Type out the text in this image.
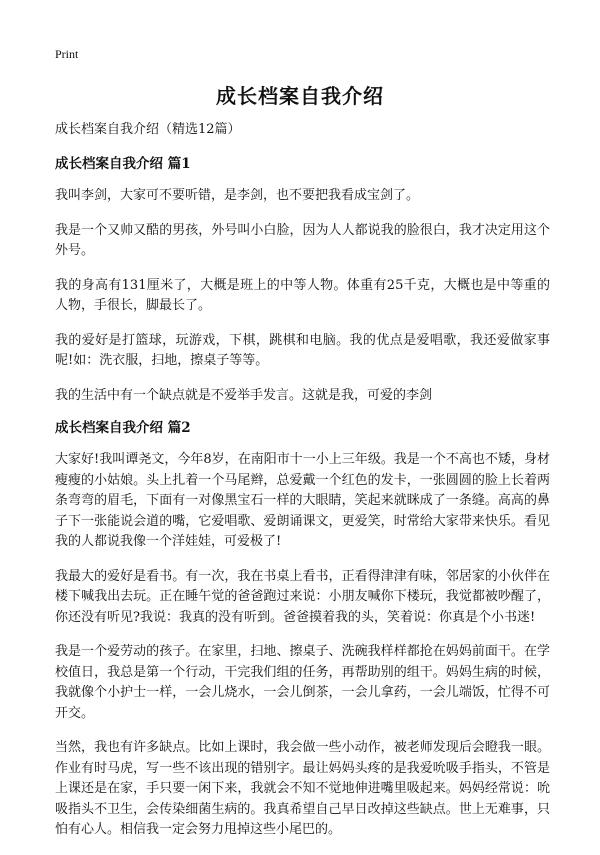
Print
成长档案自我介绍

成长档案自我介绍（精选12篇）

成长档案自我介绍 篇1

我叫李剑，大家可不要听错，是李剑，也不要把我看成宝剑了。

我是一个又帅又酷的男孩，外号叫小白脸，因为人人都说我的脸很白，我才决定用这个外号。

我的身高有131厘米了，大概是班上的中等人物。体重有25千克，大概也是中等重的人物，手很长，脚最长了。

我的爱好是打篮球，玩游戏，下棋，跳棋和电脑。我的优点是爱唱歌，我还爱做家事呢!如：洗衣服，扫地，擦桌子等等。

我的生活中有一个缺点就是不爱举手发言。这就是我，可爱的李剑

成长档案自我介绍 篇2

大家好!我叫谭尧文，今年8岁，在南阳市十一小上三年级。我是一个不高也不矮，身材瘦瘦的小姑娘。头上扎着一个马尾辫，总爱戴一个红色的发卡，一张圆圆的脸上长着两条弯弯的眉毛，下面有一对像黑宝石一样的大眼睛，笑起来就眯成了一条缝。高高的鼻子下一张能说会道的嘴，它爱唱歌、爱朗诵课文，更爱笑，时常给大家带来快乐。看见我的人都说我像一个洋娃娃，可爱极了!

我最大的爱好是看书。有一次，我在书桌上看书，正看得津津有味，邻居家的小伙伴在楼下喊我出去玩。正在睡午觉的爸爸跑过来说：小朋友喊你下楼玩，我觉都被吵醒了，你还没有听见?我说：我真的没有听到。爸爸摸着我的头，笑着说：你真是个小书迷!

我是一个爱劳动的孩子。在家里，扫地、擦桌子、洗碗我样样都抢在妈妈前面干。在学校值日，我总是第一个行动，干完我们组的任务，再帮助别的组干。妈妈生病的时候，我就像个小护士一样，一会儿烧水，一会儿倒茶，一会儿拿药，一会儿端饭，忙得不可开交。

当然，我也有许多缺点。比如上课时，我会做一些小动作，被老师发现后会瞪我一眼。作业有时马虎，写一些不该出现的错别字。最让妈妈头疼的是我爱吮吸手指头，不管是上课还是在家，手只要一闲下来，我就会不知不觉地伸进嘴里吸起来。妈妈经常说：吮吸指头不卫生，会传染细菌生病的。我真希望自己早日改掉这些缺点。世上无难事，只怕有心人。相信我一定会努力甩掉这些小尾巴的。
